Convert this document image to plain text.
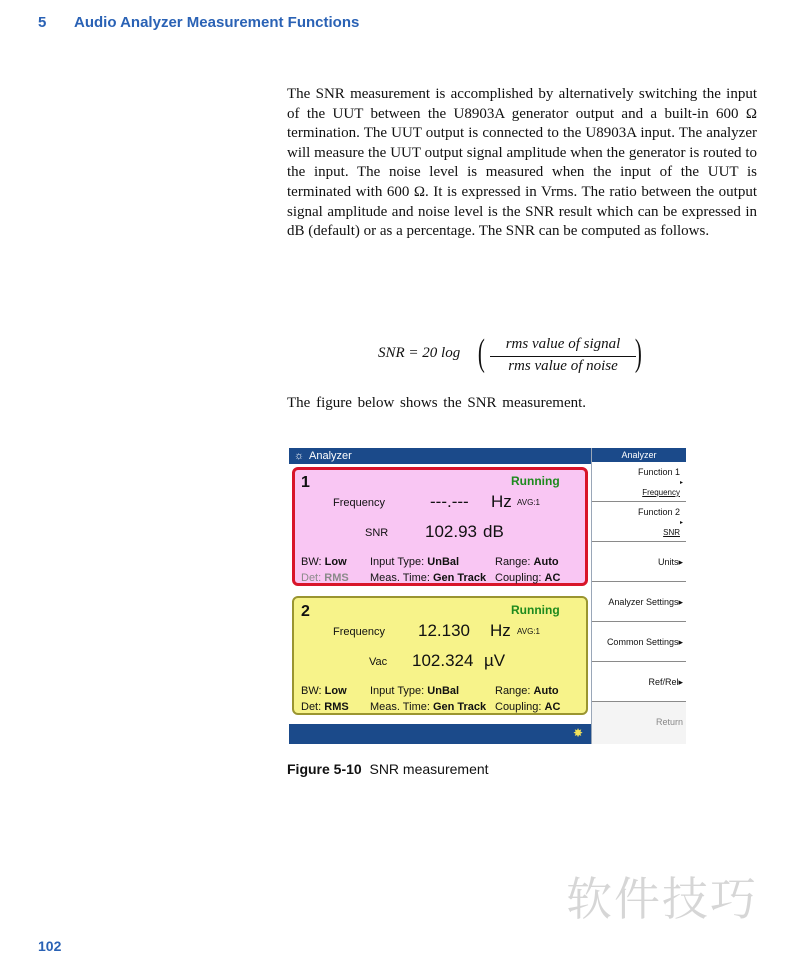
5 Audio Analyzer Measurement Functions

The SNR measurement is accomplished by alternatively switching the input of the UUT between the U8903A generator output and a built-in 600 Ω termination. The UUT output is connected to the U8903A input. The analyzer will measure the UUT output signal amplitude when the generator is routed to the input. The noise level is measured when the input of the UUT is terminated with 600 Ω. It is expressed in Vrms. The ratio between the output signal amplitude and noise level is the SNR result which can be expressed in dB (default) or as a percentage. The SNR can be computed as follows.

SNR = 20 log (	rms value of signal
rms value of noise )
The figure below shows the SNR measurement.
☼ Analyzer
1	Running
Frequency	---.--- Hz AVG:1
SNR 102.93 dB
BW: Low
Det: RMS
Input Type: UnBal
Meas. Time: Gen Track
Range: Auto
Coupling: AC
2	Running
Frequency 12.130 Hz AVG:1
Vac 102.324 µV
BW: Low
Det: RMS
Input Type: UnBal
Meas. Time: Gen Track
Range: Auto
Coupling: AC
✸
Analyzer
Function 1
▸
Frequency
Function 2
▸
SNR
Units▸
Analyzer Settings▸
Common Settings▸
Ref/Rel▸
Return
Figure 5-10 SNR measurement
软件技巧
102
